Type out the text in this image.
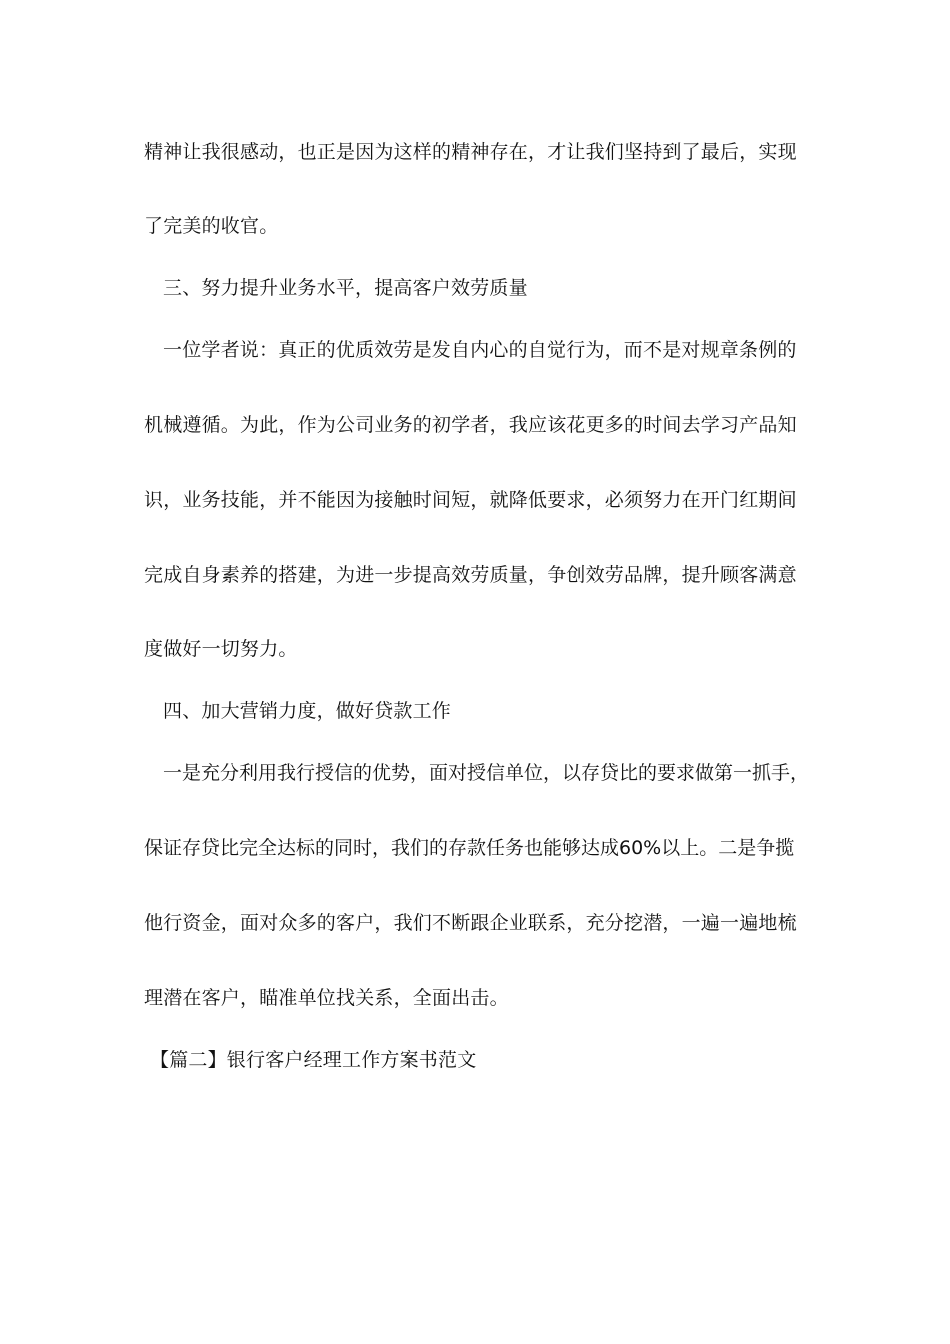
精神让我很感动，也正是因为这样的精神存在，才让我们坚持到了最后，实现
了完美的收官。
三、努力提升业务水平，提高客户效劳质量
一位学者说：真正的优质效劳是发自内心的自觉行为，而不是对规章条例的
机械遵循。为此，作为公司业务的初学者，我应该花更多的时间去学习产品知
识，业务技能，并不能因为接触时间短，就降低要求，必须努力在开门红期间
完成自身素养的搭建，为进一步提高效劳质量，争创效劳品牌，提升顾客满意
度做好一切努力。
四、加大营销力度，做好贷款工作
一是充分利用我行授信的优势，面对授信单位，以存贷比的要求做第一抓手，
保证存贷比完全达标的同时，我们的存款任务也能够达成60%以上。二是争揽
他行资金，面对众多的客户，我们不断跟企业联系，充分挖潜，一遍一遍地梳
理潜在客户，瞄准单位找关系，全面出击。
【篇二】银行客户经理工作方案书范文
